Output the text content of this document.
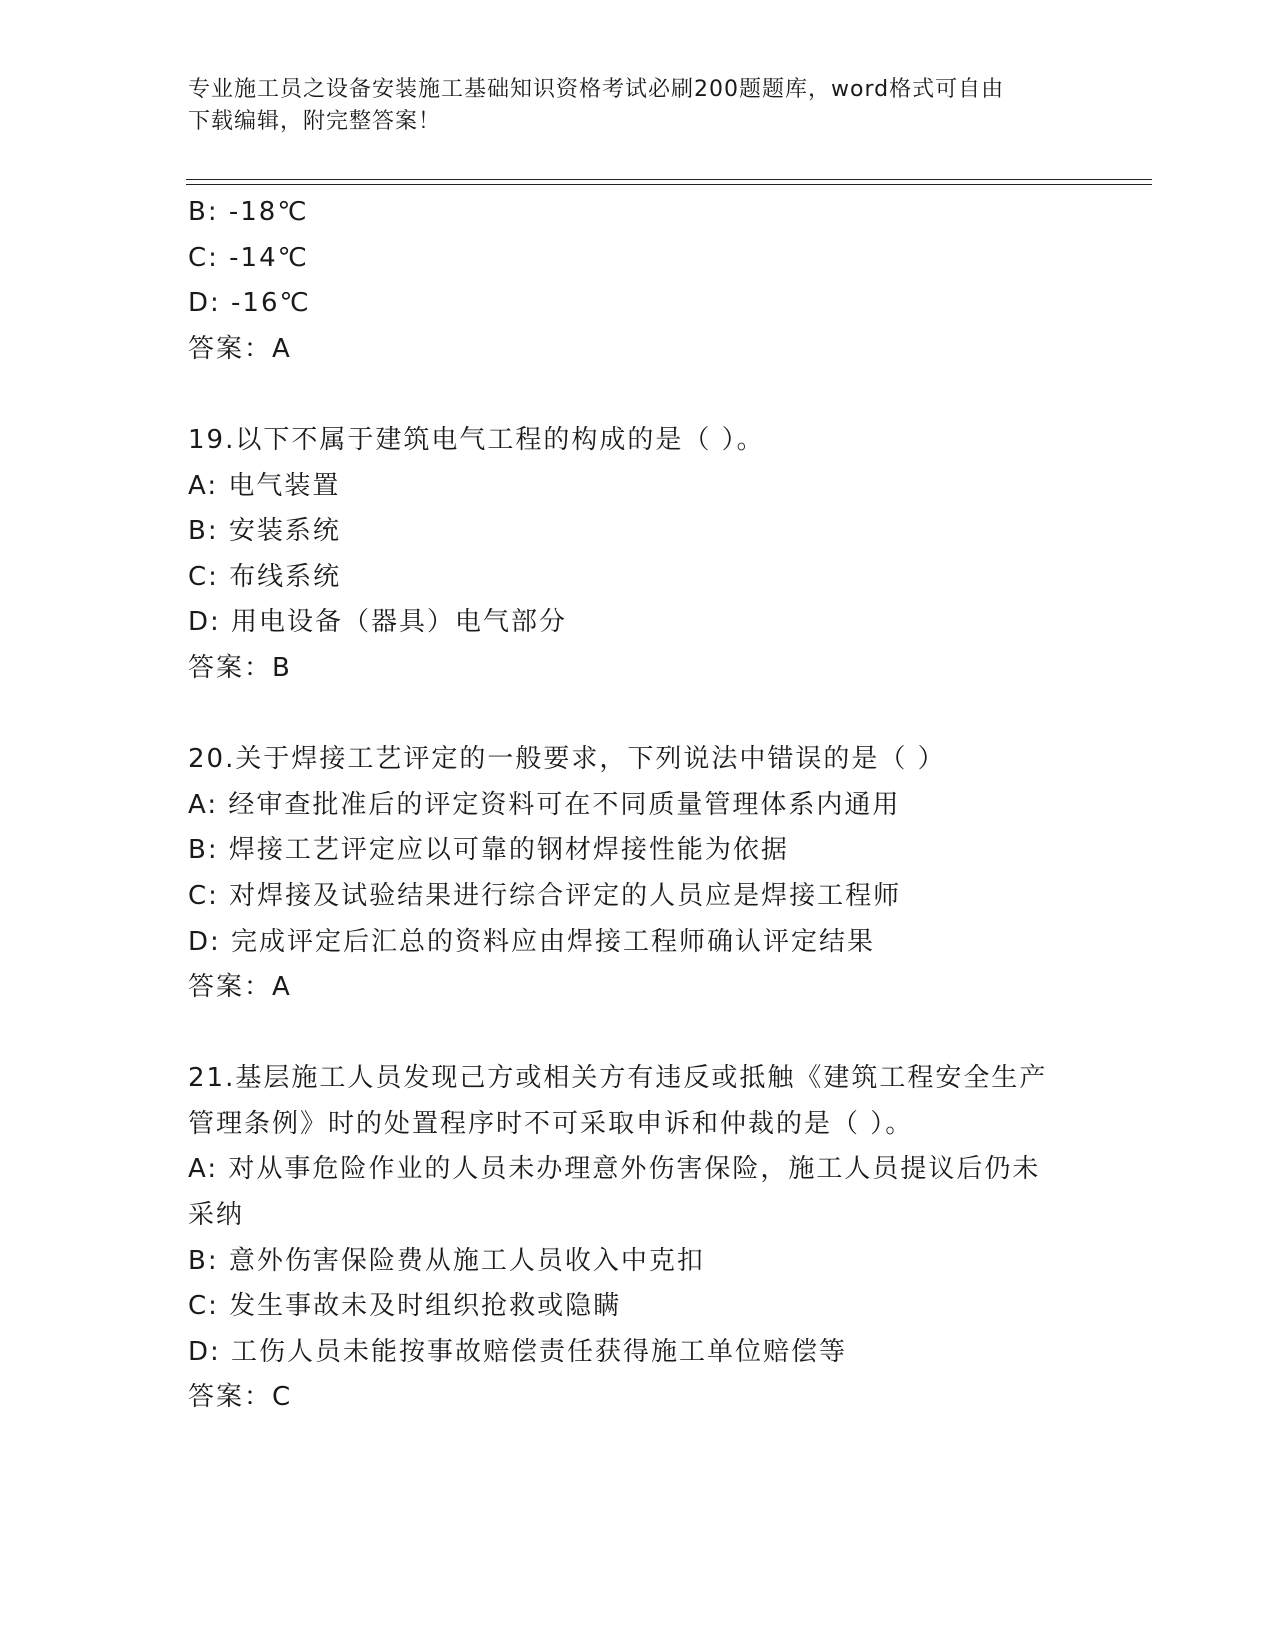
专业施工员之设备安装施工基础知识资格考试必刷200题题库，word格式可自由
下载编辑，附完整答案！

B: -18℃

C: -14℃

D: -16℃

答案：A

19.以下不属于建筑电气工程的构成的是（ ）。

A: 电气装置

B: 安装系统

C: 布线系统

D: 用电设备（器具）电气部分

答案：B

20.关于焊接工艺评定的一般要求，下列说法中错误的是（ ）

A: 经审查批准后的评定资料可在不同质量管理体系内通用

B: 焊接工艺评定应以可靠的钢材焊接性能为依据

C: 对焊接及试验结果进行综合评定的人员应是焊接工程师

D: 完成评定后汇总的资料应由焊接工程师确认评定结果

答案：A

21.基层施工人员发现己方或相关方有违反或抵触《建筑工程安全生产

管理条例》时的处置程序时不可采取申诉和仲裁的是（ ）。

A: 对从事危险作业的人员未办理意外伤害保险，施工人员提议后仍未

采纳

B: 意外伤害保险费从施工人员收入中克扣

C: 发生事故未及时组织抢救或隐瞒

D: 工伤人员未能按事故赔偿责任获得施工单位赔偿等

答案：C
